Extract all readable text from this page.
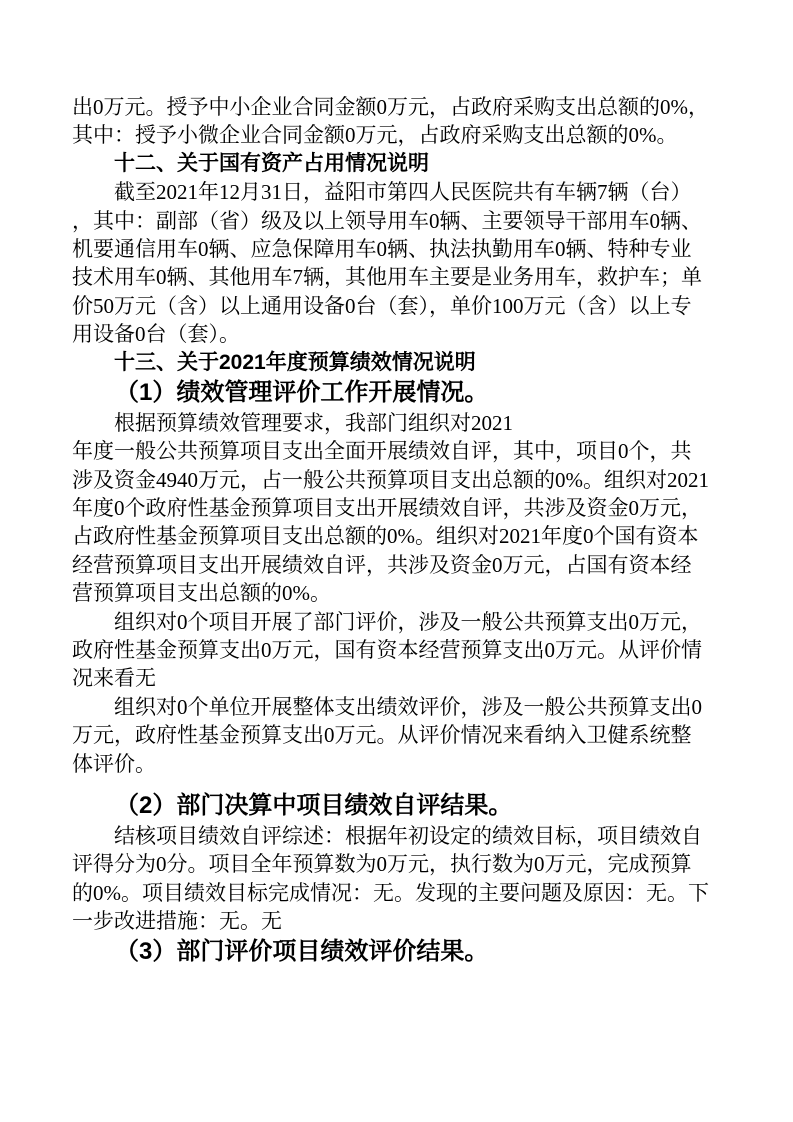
出0万元。授予中小企业合同金额0万元，占政府采购支出总额的0%，
其中：授予小微企业合同金额0万元，占政府采购支出总额的0%。
十二、关于国有资产占用情况说明
截至2021年12月31日，益阳市第四人民医院共有车辆7辆（台）
，其中：副部（省）级及以上领导用车0辆、主要领导干部用车0辆、
机要通信用车0辆、应急保障用车0辆、执法执勤用车0辆、特种专业
技术用车0辆、其他用车7辆，其他用车主要是业务用车，救护车；单
价50万元（含）以上通用设备0台（套），单价100万元（含）以上专
用设备0台（套）。
十三、关于2021年度预算绩效情况说明
（1）绩效管理评价工作开展情况。
根据预算绩效管理要求，我部门组织对2021
年度一般公共预算项目支出全面开展绩效自评，其中，项目0个，共
涉及资金4940万元，占一般公共预算项目支出总额的0%。组织对2021
年度0个政府性基金预算项目支出开展绩效自评，共涉及资金0万元，
占政府性基金预算项目支出总额的0%。组织对2021年度0个国有资本
经营预算项目支出开展绩效自评，共涉及资金0万元，占国有资本经
营预算项目支出总额的0%。
组织对0个项目开展了部门评价，涉及一般公共预算支出0万元，
政府性基金预算支出0万元，国有资本经营预算支出0万元。从评价情
况来看无
组织对0个单位开展整体支出绩效评价，涉及一般公共预算支出0
万元，政府性基金预算支出0万元。从评价情况来看纳入卫健系统整
体评价。
（2）部门决算中项目绩效自评结果。
结核项目绩效自评综述：根据年初设定的绩效目标，项目绩效自
评得分为0分。项目全年预算数为0万元，执行数为0万元，完成预算
的0%。项目绩效目标完成情况：无。发现的主要问题及原因：无。下
一步改进措施：无。无
（3）部门评价项目绩效评价结果。
